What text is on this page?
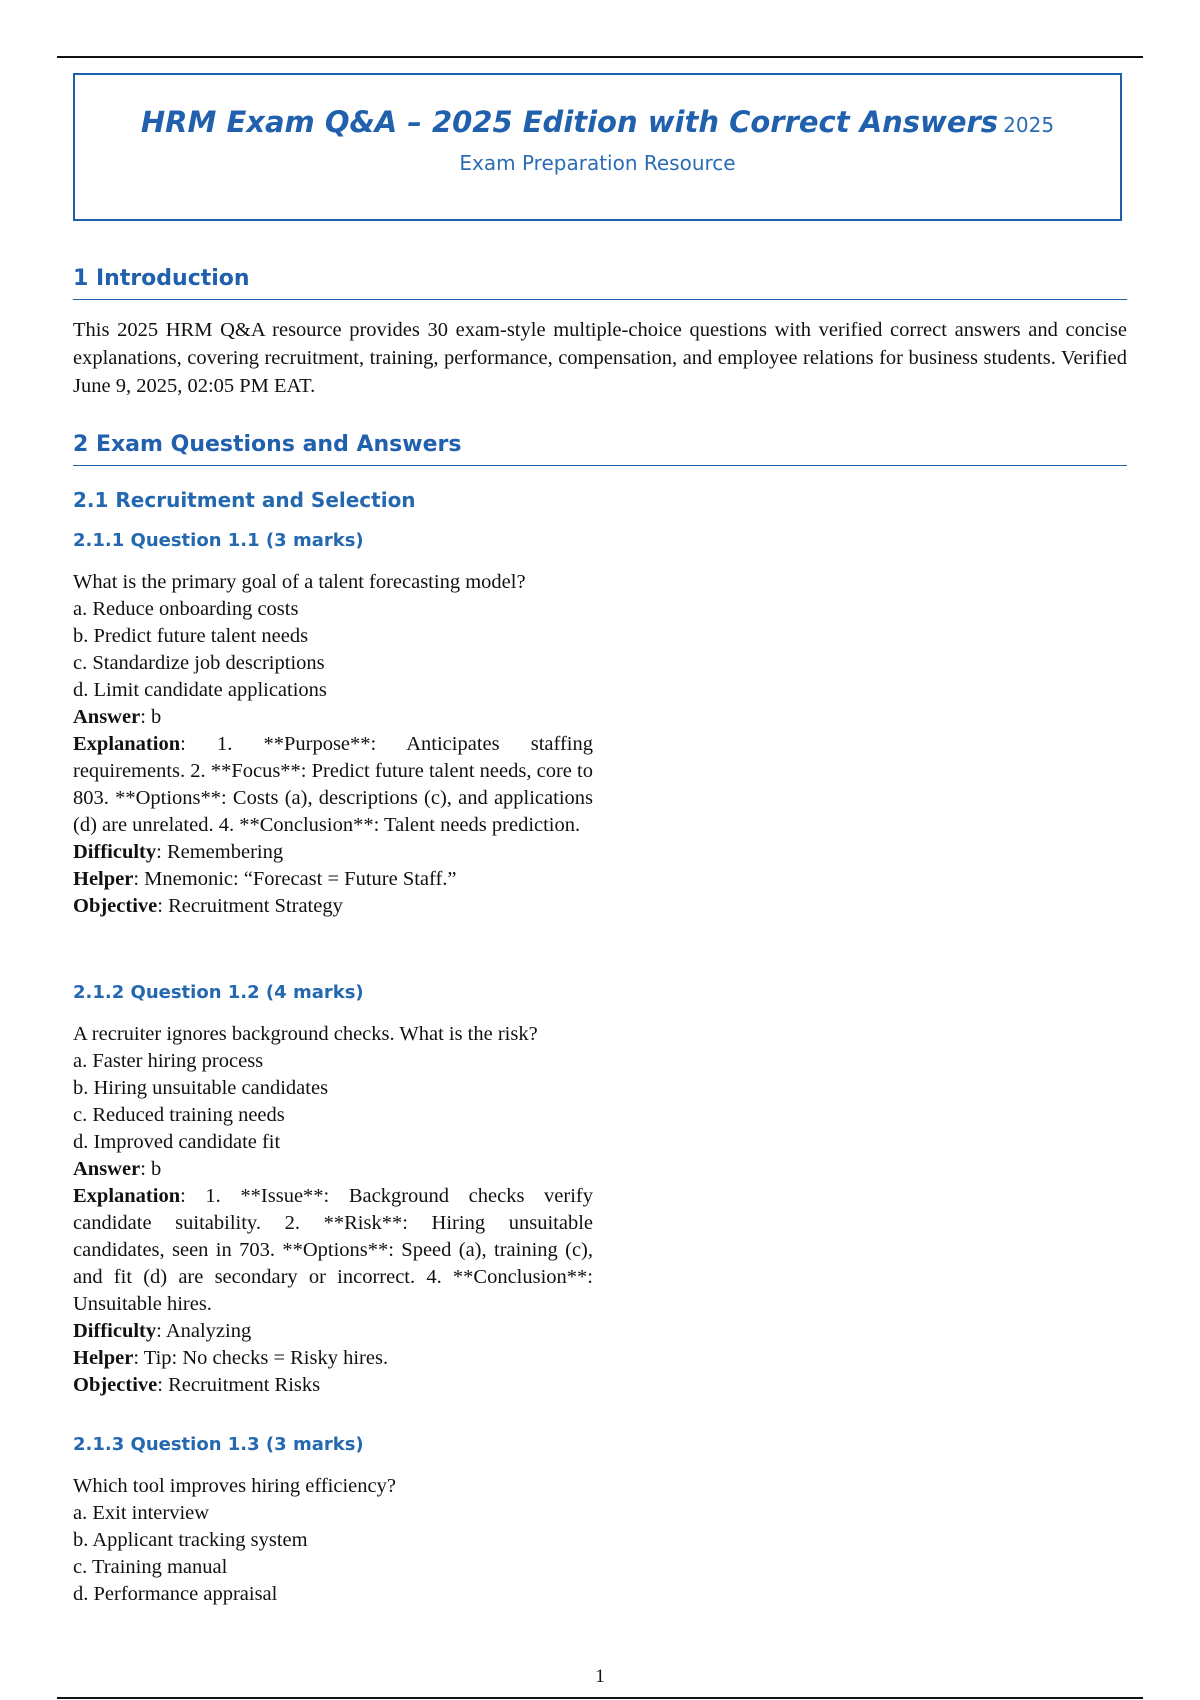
HRM Exam Q&A – 2025 Edition with Correct Answers 2025 Exam Preparation Resource
1 Introduction
This 2025 HRM Q&A resource provides 30 exam-style multiple-choice questions with verified correct answers and concise explanations, covering recruitment, training, performance, compensation, and employee relations for business students. Verified June 9, 2025, 02:05 PM EAT.
2 Exam Questions and Answers
2.1 Recruitment and Selection
2.1.1 Question 1.1 (3 marks)

What is the primary goal of a talent forecasting model?

a. Reduce onboarding costs

b. Predict future talent needs

c. Standardize job descriptions

d. Limit candidate applications

Answer: b

Explanation: 1. **Purpose**: Anticipates staffing requirements. 2. **Focus**: Predict future talent needs, core to 803. **Options**: Costs (a), descriptions (c), and applications (d) are unrelated. 4. **Conclusion**: Talent needs prediction.

Difficulty: Remembering

Helper: Mnemonic: “Forecast = Future Staff.”

Objective: Recruitment Strategy

2.1.2 Question 1.2 (4 marks)

A recruiter ignores background checks. What is the risk?

a. Faster hiring process

b. Hiring unsuitable candidates

c. Reduced training needs

d. Improved candidate fit

Answer: b

Explanation: 1. **Issue**: Background checks verify candidate suitability. 2. **Risk**: Hiring unsuitable candidates, seen in 703. **Options**: Speed (a), training (c), and fit (d) are secondary or incorrect. 4. **Conclusion**: Unsuitable hires.

Difficulty: Analyzing

Helper: Tip: No checks = Risky hires.

Objective: Recruitment Risks

2.1.3 Question 1.3 (3 marks)

Which tool improves hiring efficiency?

a. Exit interview

b. Applicant tracking system

c. Training manual

d. Performance appraisal

1
